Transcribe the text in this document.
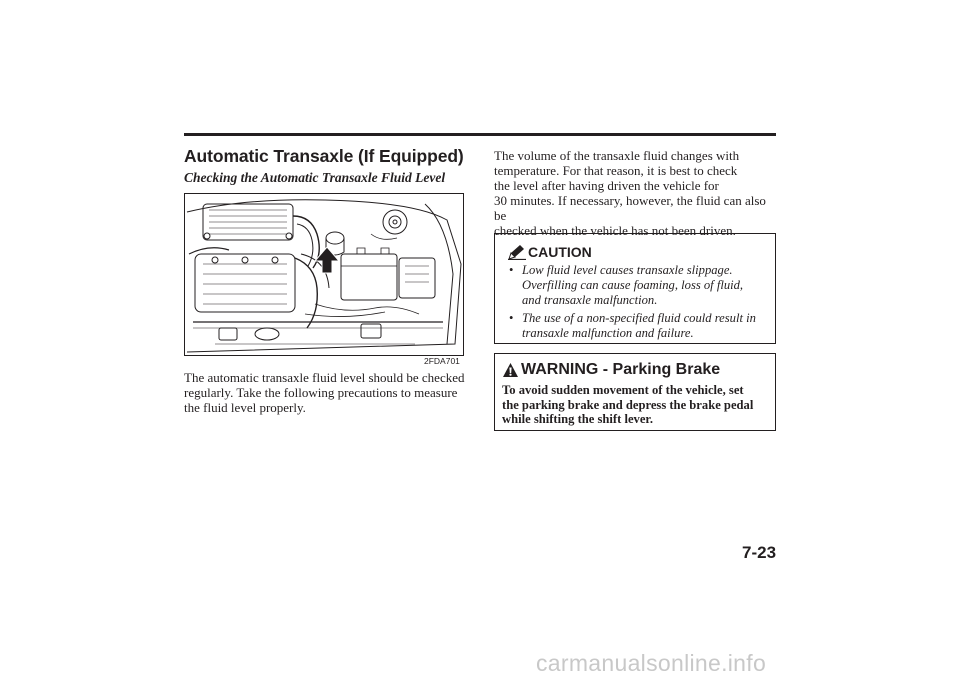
Automatic Transaxle (If Equipped)
Checking the Automatic Transaxle Fluid Level
2FDA701
The automatic transaxle fluid level should be checked
regularly. Take the following precautions to measure
the fluid level properly.
The volume of the transaxle fluid changes with
temperature. For that reason, it is best to check
the level after having driven the vehicle for
30 minutes. If necessary, however, the fluid can also be
checked when the vehicle has not been driven.
CAUTION
• Low fluid level causes transaxle slippage.
Overfilling can cause foaming, loss of fluid,
and transaxle malfunction.
• The use of a non-specified fluid could result in
transaxle malfunction and failure.
WARNING - Parking Brake
To avoid sudden movement of the vehicle, set
the parking brake and depress the brake pedal
while shifting the shift lever.
7-23
carmanualsonline.info
